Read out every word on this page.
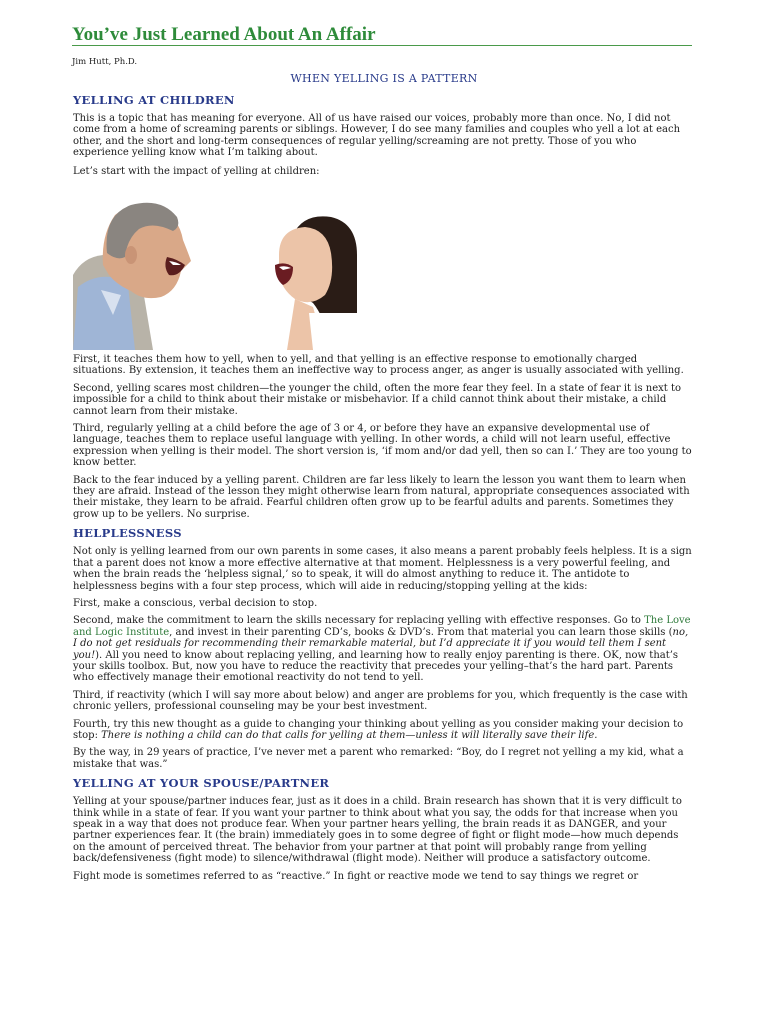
You’ve Just Learned About An Affair
Jim Hutt, Ph.D.
WHEN YELLING IS A PATTERN
YELLING AT CHILDREN

This is a topic that has meaning for everyone. All of us have raised our voices, probably more than once. No, I did not come from a home of screaming parents or siblings. However, I do see many families and couples who yell a lot at each other, and the short and long-term consequences of regular yelling/screaming are not pretty. Those of you who experience yelling know what I’m talking about.

Let’s start with the impact of yelling at children:

First, it teaches them how to yell, when to yell, and that yelling is an effective response to emotionally charged situations. By extension, it teaches them an ineffective way to process anger, as anger is usually associated with yelling.

Second, yelling scares most children—the younger the child, often the more fear they feel. In a state of fear it is next to impossible for a child to think about their mistake or misbehavior. If a child cannot think about their mistake, a child cannot learn from their mistake.

Third, regularly yelling at a child before the age of 3 or 4, or before they have an expansive developmental use of language, teaches them to replace useful language with yelling. In other words, a child will not learn useful, effective expression when yelling is their model. The short version is, ‘if mom and/or dad yell, then so can I.’ They are too young to know better.

Back to the fear induced by a yelling parent. Children are far less likely to learn the lesson you want them to learn when they are afraid. Instead of the lesson they might otherwise learn from natural, appropriate consequences associated with their mistake, they learn to be afraid. Fearful children often grow up to be fearful adults and parents. Sometimes they grow up to be yellers. No surprise.

HELPLESSNESS

Not only is yelling learned from our own parents in some cases, it also means a parent probably feels helpless. It is a sign that a parent does not know a more effective alternative at that moment. Helplessness is a very powerful feeling, and when the brain reads the ‘helpless signal,’ so to speak, it will do almost anything to reduce it. The antidote to helplessness begins with a four step process, which will aide in reducing/stopping yelling at the kids:

First, make a conscious, verbal decision to stop.

Second, make the commitment to learn the skills necessary for replacing yelling with effective responses. Go to The Love and Logic Institute, and invest in their parenting CD’s, books & DVD’s. From that material you can learn those skills (no, I do not get residuals for recommending their remarkable material, but I’d appreciate it if you would tell them I sent you!). All you need to know about replacing yelling, and learning how to really enjoy parenting is there. OK, now that’s your skills toolbox. But, now you have to reduce the reactivity that precedes your yelling–that’s the hard part. Parents who effectively manage their emotional reactivity do not tend to yell.

Third, if reactivity (which I will say more about below) and anger are problems for you, which frequently is the case with chronic yellers, professional counseling may be your best investment.

Fourth, try this new thought as a guide to changing your thinking about yelling as you consider making your decision to stop: There is nothing a child can do that calls for yelling at them—unless it will literally save their life.

By the way, in 29 years of practice, I’ve never met a parent who remarked: “Boy, do I regret not yelling a my kid, what a mistake that was.”

YELLING AT YOUR SPOUSE/PARTNER

Yelling at your spouse/partner induces fear, just as it does in a child. Brain research has shown that it is very difficult to think while in a state of fear. If you want your partner to think about what you say, the odds for that increase when you speak in a way that does not produce fear. When your partner hears yelling, the brain reads it as DANGER, and your partner experiences fear. It (the brain) immediately goes in to some degree of fight or flight mode—how much depends on the amount of perceived threat. The behavior from your partner at that point will probably range from yelling back/defensiveness (fight mode) to silence/withdrawal (flight mode). Neither will produce a satisfactory outcome.

Fight mode is sometimes referred to as “reactive.” In fight or reactive mode we tend to say things we regret or
